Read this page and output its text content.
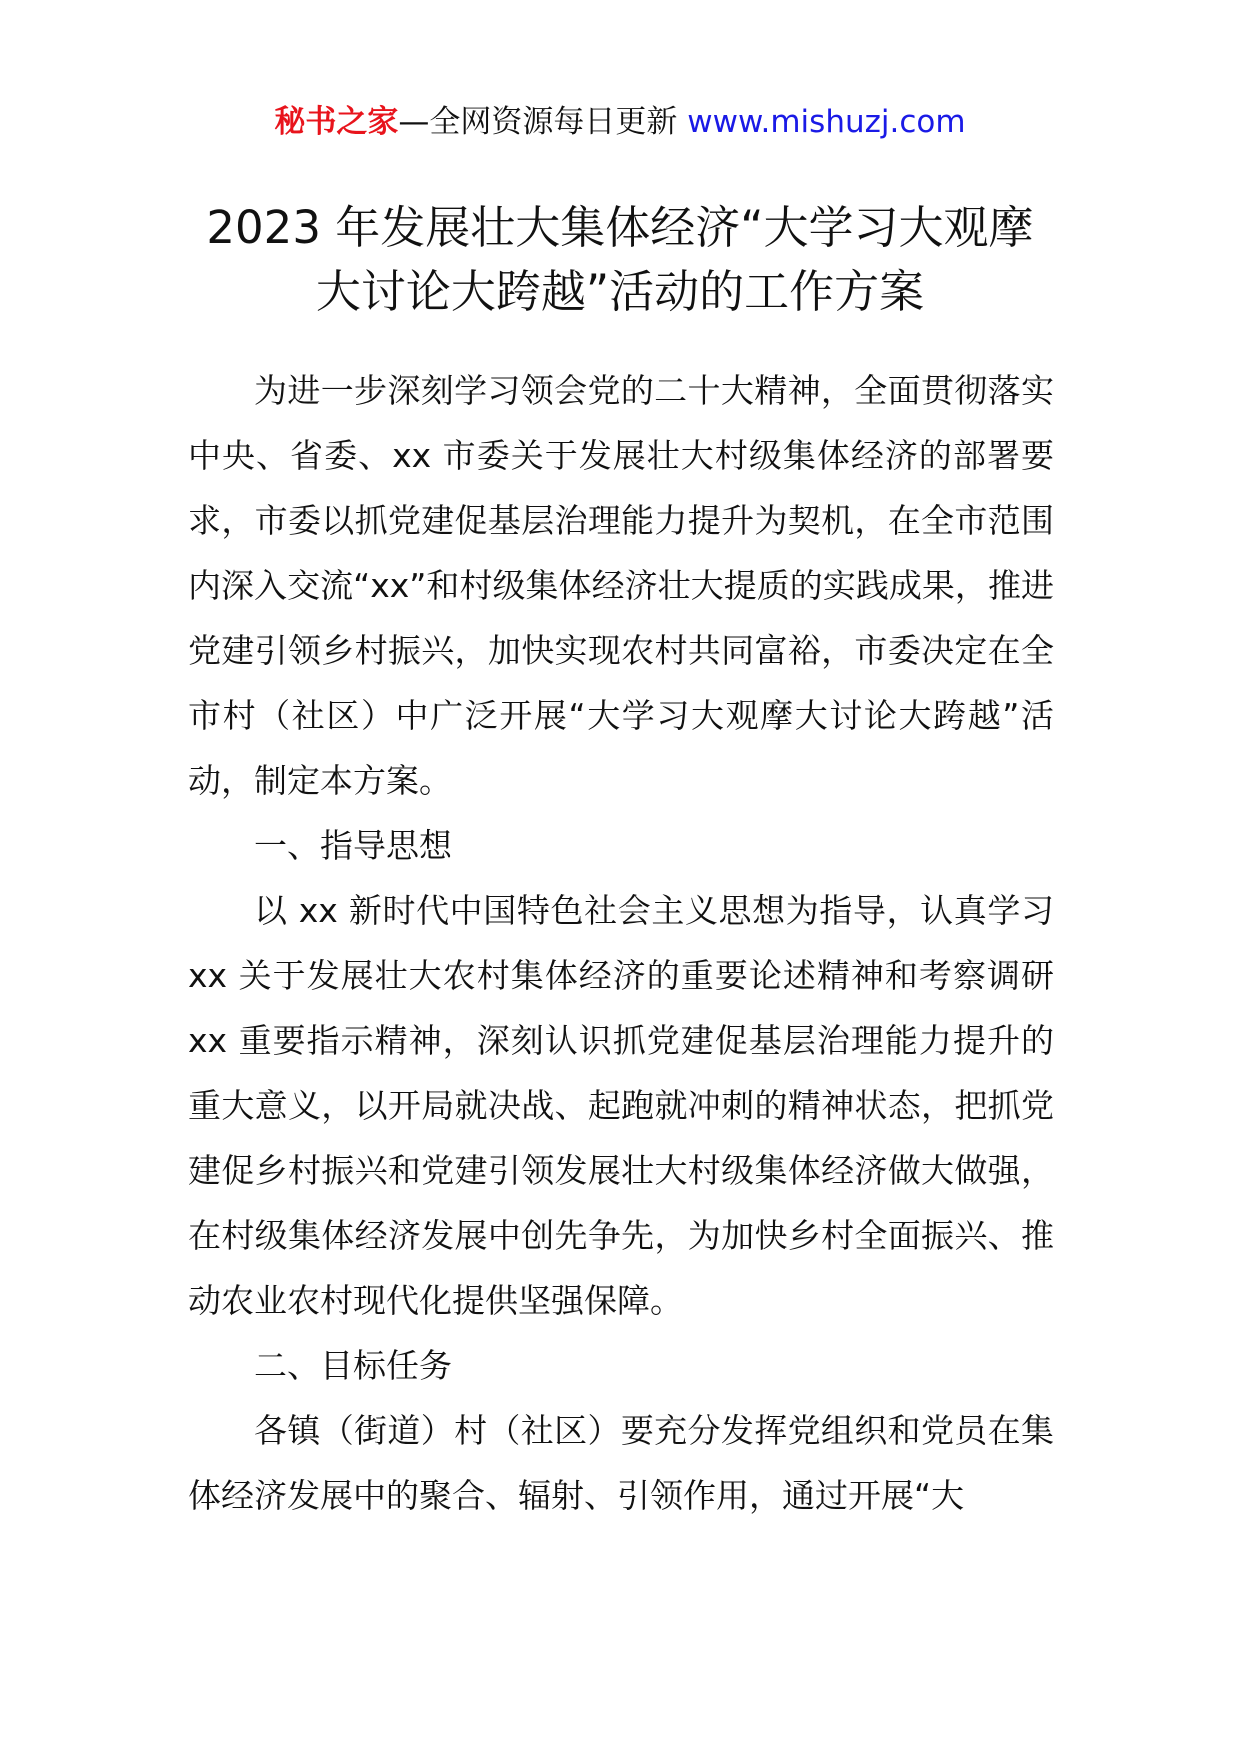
秘书之家—全网资源每日更新 www.mishuzj.com
2023 年发展壮大集体经济“大学习大观摩
大讨论大跨越”活动的工作方案

为进一步深刻学习领会党的二十大精神，全面贯彻落实中央、省委、xx 市委关于发展壮大村级集体经济的部署要求，市委以抓党建促基层治理能力提升为契机，在全市范围内深入交流“xx”和村级集体经济壮大提质的实践成果，推进党建引领乡村振兴，加快实现农村共同富裕，市委决定在全市村（社区）中广泛开展“大学习大观摩大讨论大跨越”活动，制定本方案。

一、指导思想

以 xx 新时代中国特色社会主义思想为指导，认真学习 xx 关于发展壮大农村集体经济的重要论述精神和考察调研 xx 重要指示精神，深刻认识抓党建促基层治理能力提升的重大意义，以开局就决战、起跑就冲刺的精神状态，把抓党建促乡村振兴和党建引领发展壮大村级集体经济做大做强，在村级集体经济发展中创先争先，为加快乡村全面振兴、推动农业农村现代化提供坚强保障。

二、目标任务

各镇（街道）村（社区）要充分发挥党组织和党员在集体经济发展中的聚合、辐射、引领作用，通过开展“大
